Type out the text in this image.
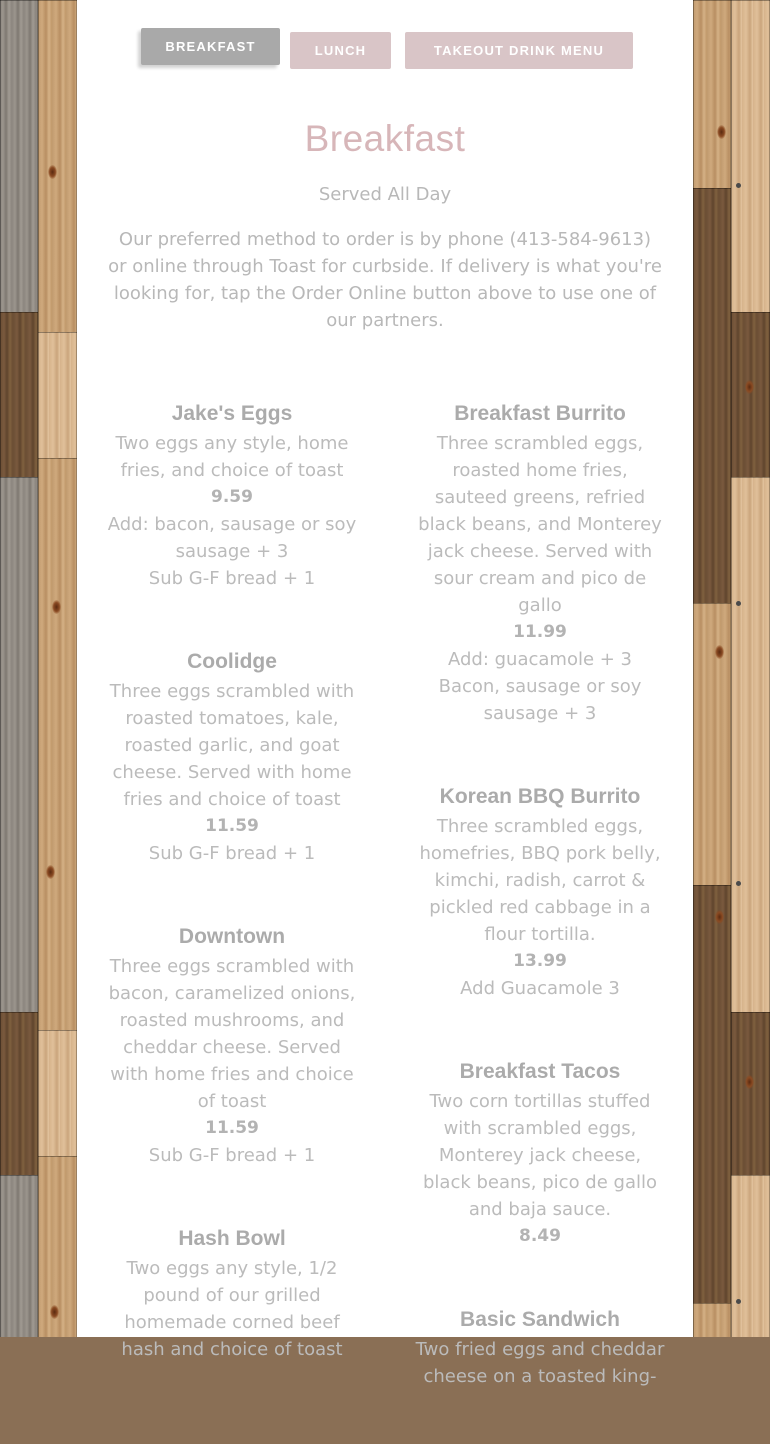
BREAKFAST	LUNCH	TAKEOUT DRINK MENU
Breakfast
Served All Day
Our preferred method to order is by phone (413-584-9613) or online through Toast for curbside. If delivery is what you're looking for, tap the Order Online button above to use one of our partners.
Jake's Eggs
Two eggs any style, home fries, and choice of toast
9.59
Add: bacon, sausage or soy sausage + 3
Sub G-F bread + 1
Coolidge
Three eggs scrambled with roasted tomatoes, kale, roasted garlic, and goat cheese. Served with home fries and choice of toast
11.59
Sub G-F bread + 1
Downtown
Three eggs scrambled with bacon, caramelized onions, roasted mushrooms, and cheddar cheese. Served with home fries and choice of toast
11.59
Sub G-F bread + 1
Hash Bowl
Two eggs any style, 1/2 pound of our grilled homemade corned beef hash and choice of toast
Breakfast Burrito
Three scrambled eggs, roasted home fries, sauteed greens, refried black beans, and Monterey jack cheese. Served with sour cream and pico de gallo
11.99
Add: guacamole + 3
Bacon, sausage or soy sausage + 3
Korean BBQ Burrito
Three scrambled eggs, homefries, BBQ pork belly, kimchi, radish, carrot & pickled red cabbage in a flour tortilla.
13.99
Add Guacamole 3
Breakfast Tacos
Two corn tortillas stuffed with scrambled eggs, Monterey jack cheese, black beans, pico de gallo and baja sauce.
8.49
Basic Sandwich
Two fried eggs and cheddar cheese on a toasted king-
